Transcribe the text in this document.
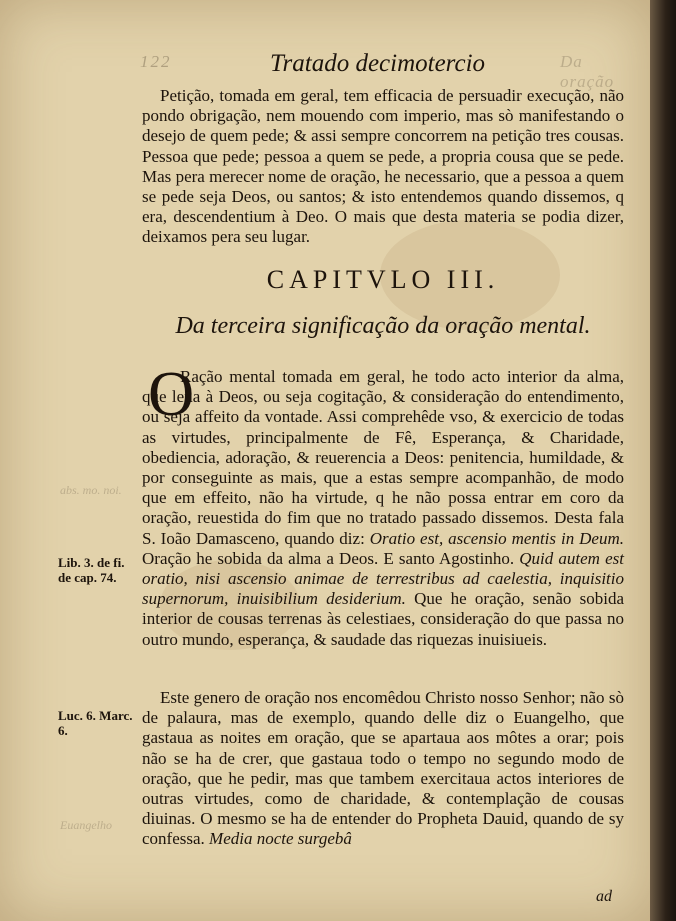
122	Tratado decimotercio	Da oração

Petição, tomada em geral, tem efficacia de persuadir execução, não pondo obrigação, nem mouendo com imperio, mas sò manifestando o desejo de quem pede; & assi sempre concorrem na petição tres cousas. Pessoa que pede; pessoa a quem se pede, a propria cousa que se pede. Mas pera merecer nome de oração, he necessario, que a pessoa a quem se pede seja Deos, ou santos; & isto entendemos quando dissemos, q era, descendentium à Deo. O mais que desta materia se podia dizer, deixamos pera seu lugar.

CAPITVLO III.
Da terceira significação da oração mental.
O

Ração mental tomada em geral, he todo acto interior da alma, que leua à Deos, ou seja cogitação, & consideração do entendimento, ou seja affeito da vontade. Assi comprehêde vso, & exercicio de todas as virtudes, principalmente de Fê, Esperança, & Charidade, obediencia, adoração, & reuerencia a Deos: penitencia, humildade, & por conseguinte as mais, que a estas sempre acompanhão, de modo que em effeito, não ha virtude, q he não possa entrar em coro da oração, reuestida do fim que no tratado passado dissemos. Desta fala S. Ioão Damasceno, quando diz: Oratio est, ascensio mentis in Deum. Oração he sobida da alma a Deos. E santo Agostinho. Quid autem est oratio, nisi ascensio animae de terrestribus ad caelestia, inquisitio supernorum, inuisibilium desiderium. Que he oração, senão sobida interior de cousas terrenas às celestiaes, consideração do que passa no outro mundo, esperança, & saudade das riquezas inuisiueis.

Este genero de oração nos encomêdou Christo nosso Senhor; não sò de palaura, mas de exemplo, quando delle diz o Euangelho, que gastaua as noites em oração, que se apartaua aos môtes a orar; pois não se ha de crer, que gastaua todo o tempo no segundo modo de oração, que he pedir, mas que tambem exercitaua actos interiores de outras virtudes, como de charidade, & contemplação de cousas diuinas. O mesmo se ha de entender do Propheta Dauid, quando de sy confessa. Media nocte surgebâ

ad
abs. mo. noi.
Euangelho
Lib. 3. de fi. de cap. 74.
Luc. 6. Marc. 6.
